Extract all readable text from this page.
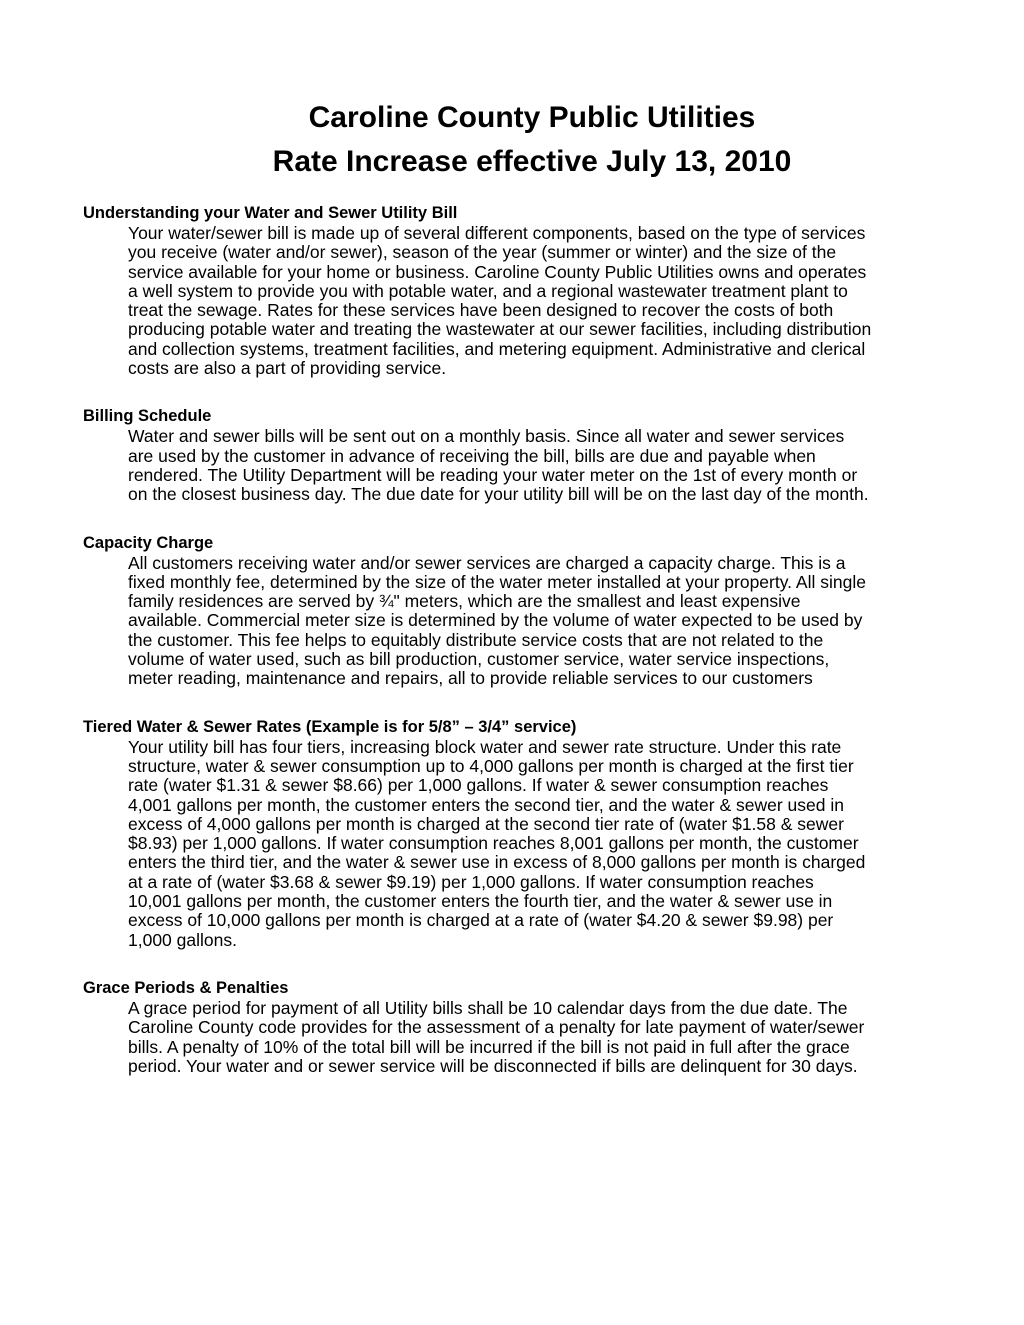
Caroline County Public Utilities
Rate Increase effective July 13, 2010
Understanding your Water and Sewer Utility Bill
Your water/sewer bill is made up of several different components, based on the type of services
you receive (water and/or sewer), season of the year (summer or winter) and the size of the
service available for your home or business. Caroline County Public Utilities owns and operates
a well system to provide you with potable water, and a regional wastewater treatment plant to
treat the sewage. Rates for these services have been designed to recover the costs of both
producing potable water and treating the wastewater at our sewer facilities, including distribution
and collection systems, treatment facilities, and metering equipment. Administrative and clerical
costs are also a part of providing service.
Billing Schedule
Water and sewer bills will be sent out on a monthly basis. Since all water and sewer services
are used by the customer in advance of receiving the bill, bills are due and payable when
rendered. The Utility Department will be reading your water meter on the 1st of every month or
on the closest business day. The due date for your utility bill will be on the last day of the month.
Capacity Charge
All customers receiving water and/or sewer services are charged a capacity charge. This is a
fixed monthly fee, determined by the size of the water meter installed at your property. All single
family residences are served by ¾" meters, which are the smallest and least expensive
available. Commercial meter size is determined by the volume of water expected to be used by
the customer. This fee helps to equitably distribute service costs that are not related to the
volume of water used, such as bill production, customer service, water service inspections,
meter reading, maintenance and repairs, all to provide reliable services to our customers
Tiered Water & Sewer Rates (Example is for 5/8” – 3/4” service)
Your utility bill has four tiers, increasing block water and sewer rate structure. Under this rate
structure, water & sewer consumption up to 4,000 gallons per month is charged at the first tier
rate (water $1.31 & sewer $8.66) per 1,000 gallons. If water & sewer consumption reaches
4,001 gallons per month, the customer enters the second tier, and the water & sewer used in
excess of 4,000 gallons per month is charged at the second tier rate of (water $1.58 & sewer
$8.93) per 1,000 gallons. If water consumption reaches 8,001 gallons per month, the customer
enters the third tier, and the water & sewer use in excess of 8,000 gallons per month is charged
at a rate of (water $3.68 & sewer $9.19) per 1,000 gallons. If water consumption reaches
10,001 gallons per month, the customer enters the fourth tier, and the water & sewer use in
excess of 10,000 gallons per month is charged at a rate of (water $4.20 & sewer $9.98) per
1,000 gallons.
Grace Periods & Penalties
A grace period for payment of all Utility bills shall be 10 calendar days from the due date. The
Caroline County code provides for the assessment of a penalty for late payment of water/sewer
bills. A penalty of 10% of the total bill will be incurred if the bill is not paid in full after the grace
period. Your water and or sewer service will be disconnected if bills are delinquent for 30 days.
